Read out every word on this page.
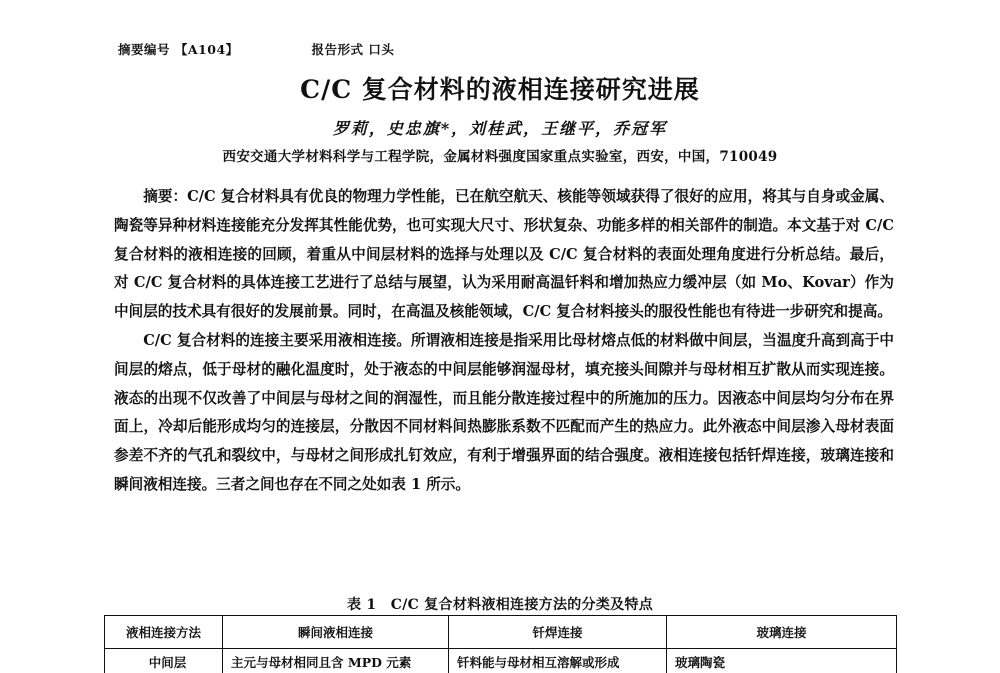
摘要编号 【A104】	报告形式 口头
C/C 复合材料的液相连接研究进展
罗莉，史忠旗*，刘桂武，王继平，乔冠军
西安交通大学材料科学与工程学院，金属材料强度国家重点实验室，西安，中国，710049

摘要：C/C 复合材料具有优良的物理力学性能，已在航空航天、核能等领域获得了很好的应用，将其与自身或金属、陶瓷等异种材料连接能充分发挥其性能优势，也可实现大尺寸、形状复杂、功能多样的相关部件的制造。本文基于对 C/C 复合材料的液相连接的回顾，着重从中间层材料的选择与处理以及 C/C 复合材料的表面处理角度进行分析总结。最后，对 C/C 复合材料的具体连接工艺进行了总结与展望，认为采用耐高温钎料和增加热应力缓冲层（如 Mo、Kovar）作为中间层的技术具有很好的发展前景。同时，在高温及核能领域，C/C 复合材料接头的服役性能也有待进一步研究和提高。

C/C 复合材料的连接主要采用液相连接。所谓液相连接是指采用比母材熔点低的材料做中间层，当温度升高到高于中间层的熔点，低于母材的融化温度时，处于液态的中间层能够润湿母材，填充接头间隙并与母材相互扩散从而实现连接。液态的出现不仅改善了中间层与母材之间的润湿性，而且能分散连接过程中的所施加的压力。因液态中间层均匀分布在界面上，冷却后能形成均匀的连接层，分散因不同材料间热膨胀系数不匹配而产生的热应力。此外液态中间层渗入母材表面参差不齐的气孔和裂纹中，与母材之间形成扎钉效应，有利于增强界面的结合强度。液相连接包括钎焊连接，玻璃连接和瞬间液相连接。三者之间也存在不同之处如表 1 所示。

表 1　C/C 复合材料液相连接方法的分类及特点
液相连接方法	瞬间液相连接	钎焊连接	玻璃连接
中间层	主元与母材相同且含 MPD 元素	钎料能与母材相互溶解或形成	玻璃陶瓷
